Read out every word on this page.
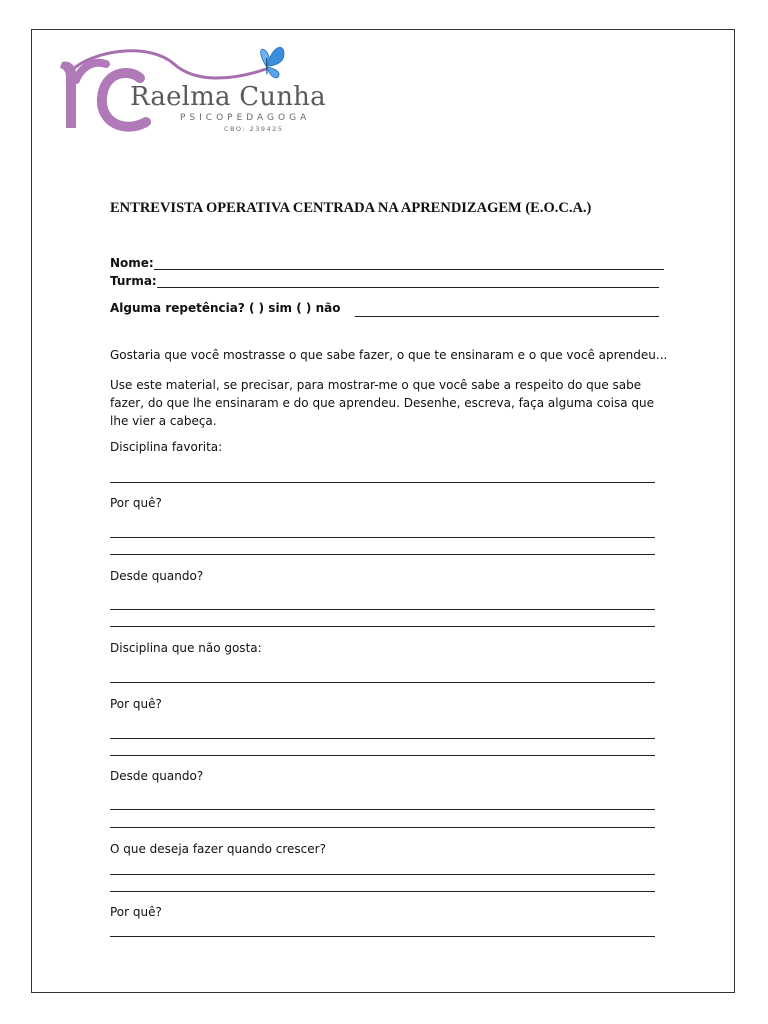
Raelma Cunha
PSICOPEDAGOGA
CBO: 239425
ENTREVISTA OPERATIVA CENTRADA NA APRENDIZAGEM (E.O.C.A.)
Nome:
Turma:
Alguma repetência? ( ) sim ( ) não
Gostaria que você mostrasse o que sabe fazer, o que te ensinaram e o que você aprendeu...
Use este material, se precisar, para mostrar-me o que você sabe a respeito do que sabe fazer, do que lhe ensinaram e do que aprendeu. Desenhe, escreva, faça alguma coisa que lhe vier a cabeça.
Disciplina favorita:
Por quê?
Desde quando?
Disciplina que não gosta:
Por quê?
Desde quando?
O que deseja fazer quando crescer?
Por quê?
